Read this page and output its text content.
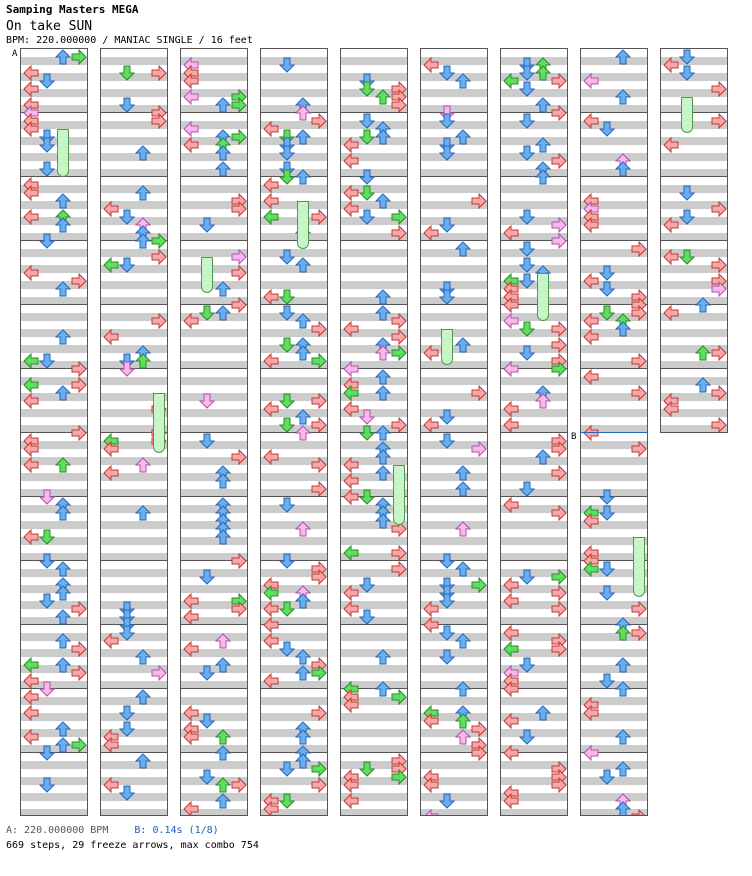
Samping Masters MEGA
On take SUN
BPM: 220.000000 / MANIAC SINGLE / 16 feet
A: 220.000000 BPM	B: 0.14s (1/8)
669 steps, 29 freeze arrows, max combo 754
A
B
